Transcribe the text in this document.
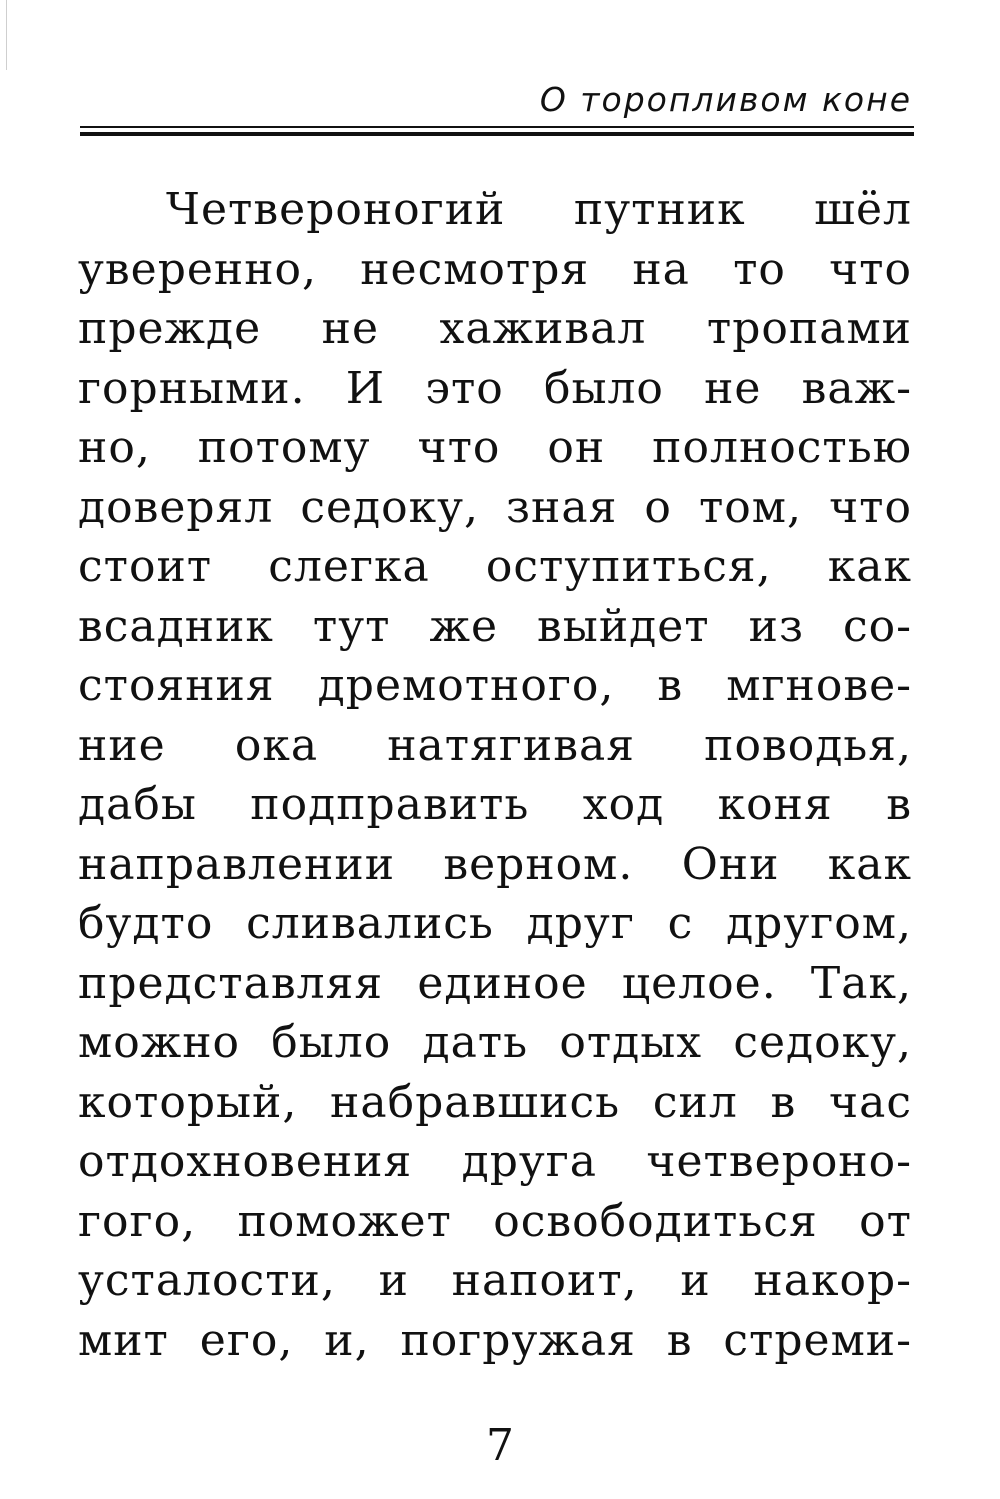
О торопливом коне
Четвероногий путник шёл
уверенно, несмотря на то что
прежде не хаживал тропами
горными. И это было не важ-
но, потому что он полностью
доверял седоку, зная о том, что
стоит слегка оступиться, как
всадник тут же выйдет из со-
стояния дремотного, в мгнове-
ние ока натягивая поводья,
дабы подправить ход коня в
направлении верном. Они как
будто сливались друг с другом,
представляя единое целое. Так,
можно было дать отдых седоку,
который, набравшись сил в час
отдохновения друга четвероно-
гого, поможет освободиться от
усталости, и напоит, и накор-
мит его, и, погружая в стреми-
7
